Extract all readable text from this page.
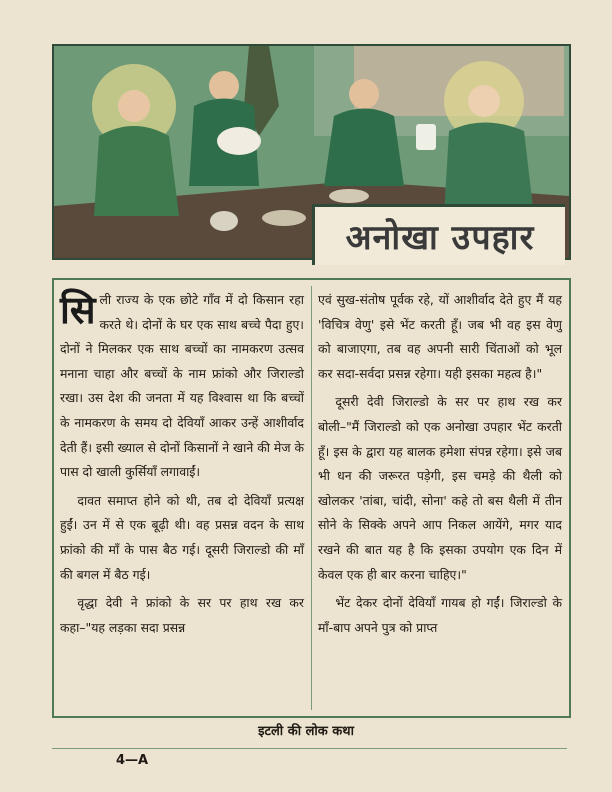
अनोखा उपहार

सिली राज्य के एक छोटे गाँव में दो किसान रहा करते थे। दोनों के घर एक साथ बच्चे पैदा हुए। दोनों ने मिलकर एक साथ बच्चों का नामकरण उत्सव मनाना चाहा और बच्चों के नाम फ्रांको और जिराल्डो रखा। उस देश की जनता में यह विश्वास था कि बच्चों के नामकरण के समय दो देवियाँ आकर उन्हें आशीर्वाद देती हैं। इसी ख्याल से दोनों किसानों ने खाने की मेज के पास दो खाली कुर्सियाँ लगावाईं।

दावत समाप्त होने को थी, तब दो देवियाँ प्रत्यक्ष हुईं। उन में से एक बूढ़ी थी। वह प्रसन्न वदन के साथ फ्रांको की माँ के पास बैठ गई। दूसरी जिराल्डो की माँ की बगल में बैठ गई।

वृद्धा देवी ने फ्रांको के सर पर हाथ रख कर कहा–"यह लड़का सदा प्रसन्न

एवं सुख-संतोष पूर्वक रहे, यों आशीर्वाद देते हुए मैं यह 'विचित्र वेणु' इसे भेंट करती हूँ। जब भी वह इस वेणु को बाजाएगा, तब वह अपनी सारी चिंताओं को भूल कर सदा-सर्वदा प्रसन्न रहेगा। यही इसका महत्व है।"

दूसरी देवी जिराल्डो के सर पर हाथ रख कर बोली–"मैं जिराल्डो को एक अनोखा उपहार भेंट करती हूँ। इस के द्वारा यह बालक हमेशा संपन्न रहेगा। इसे जब भी धन की जरूरत पड़ेगी, इस चमड़े की थैली को खोलकर 'तांबा, चांदी, सोना' कहे तो बस थैली में तीन सोने के सिक्के अपने आप निकल आयेंगे, मगर याद रखने की बात यह है कि इसका उपयोग एक दिन में केवल एक ही बार करना चाहिए।"

भेंट देकर दोनों देवियाँ गायब हो गईं। जिराल्डो के माँ-बाप अपने पुत्र को प्राप्त

इटली की लोक कथा
4—A
